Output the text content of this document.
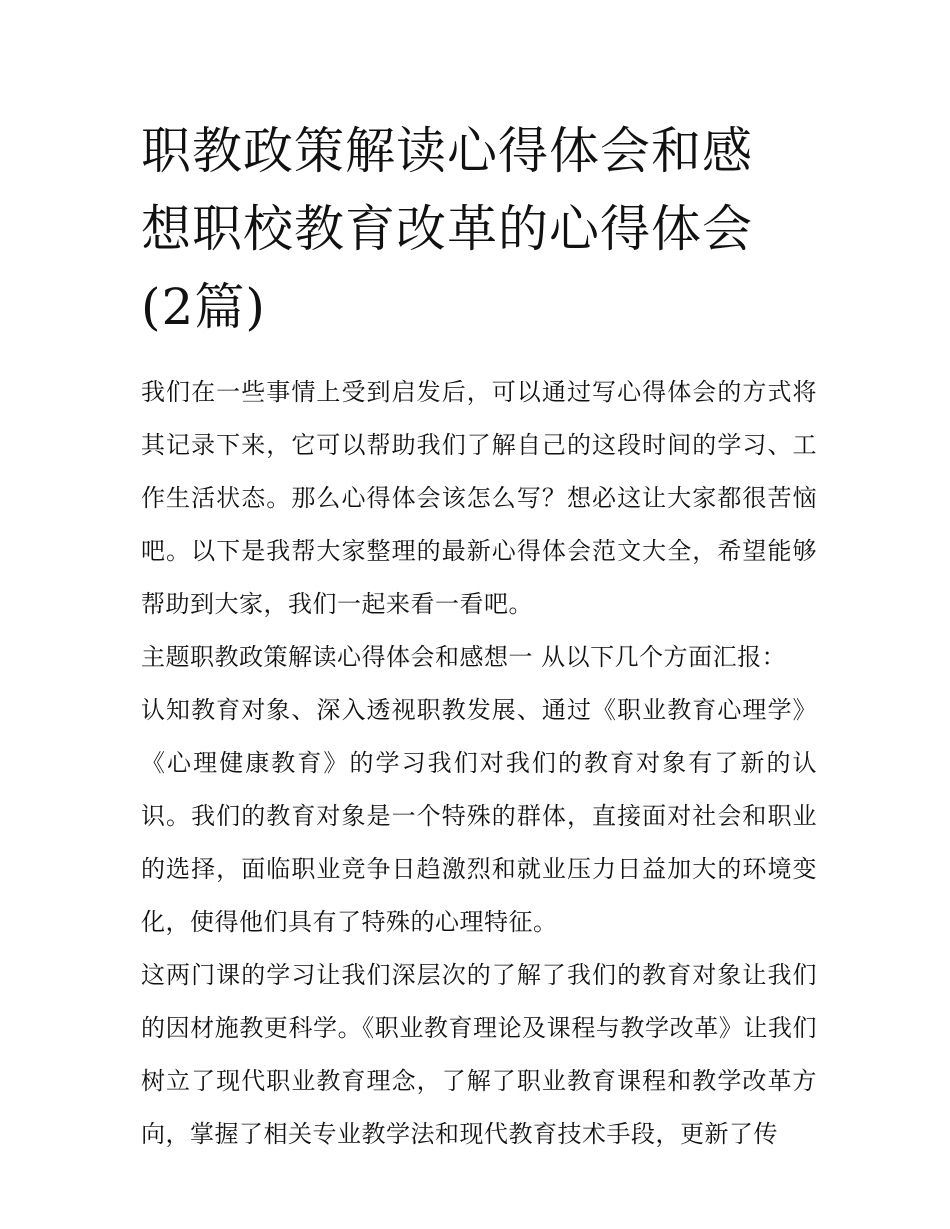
职教政策解读心得体会和感想职校教育改革的心得体会(2篇)

我们在一些事情上受到启发后，可以通过写心得体会的方式将其记录下来，它可以帮助我们了解自己的这段时间的学习、工作生活状态。那么心得体会该怎么写？想必这让大家都很苦恼吧。以下是我帮大家整理的最新心得体会范文大全，希望能够帮助到大家，我们一起来看一看吧。

主题职教政策解读心得体会和感想一 从以下几个方面汇报：

认知教育对象、深入透视职教发展、通过《职业教育心理学》《心理健康教育》的学习我们对我们的教育对象有了新的认识。我们的教育对象是一个特殊的群体，直接面对社会和职业的选择，面临职业竞争日趋激烈和就业压力日益加大的环境变化，使得他们具有了特殊的心理特征。

这两门课的学习让我们深层次的了解了我们的教育对象让我们的因材施教更科学。《职业教育理论及课程与教学改革》让我们树立了现代职业教育理念，了解了职业教育课程和教学改革方向，掌握了相关专业教学法和现代教育技术手段，更新了传
